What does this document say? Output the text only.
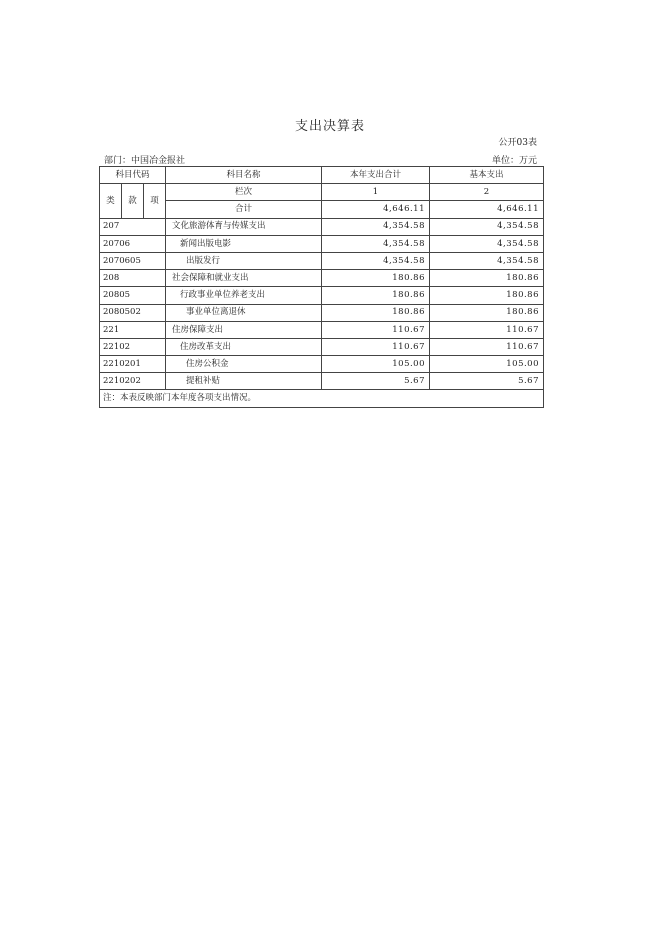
支出决算表
公开03表
部门：中国冶金报社	单位：万元
科目代码			科目名称	本年支出合计	基本支出
类	款	项	栏次	1	2
			合计	4,646.11	4,646.11
207			文化旅游体育与传媒支出	4,354.58	4,354.58
20706			新闻出版电影	4,354.58	4,354.58
2070605			出版发行	4,354.58	4,354.58
208			社会保障和就业支出	180.86	180.86
20805			行政事业单位养老支出	180.86	180.86
2080502			事业单位离退休	180.86	180.86
221			住房保障支出	110.67	110.67
22102			住房改革支出	110.67	110.67
2210201			住房公积金	105.00	105.00
2210202			提租补贴	5.67	5.67
注：本表反映部门本年度各项支出情况。					
